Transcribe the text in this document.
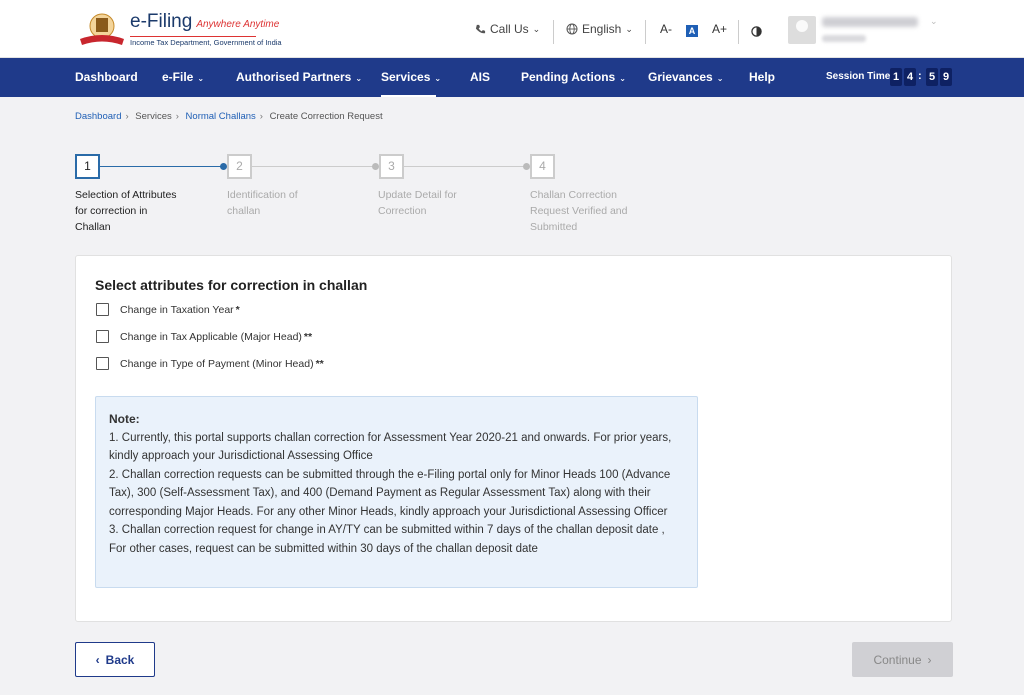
e-Filing Anywhere Anytime
Income Tax Department, Government of India
Call Us ⌄	English ⌄ A-	A A+
⌄
Dashboard e-File ⌄	Authorised Partners ⌄ Services ⌄ AIS	Pending Actions ⌄ Grievances ⌄ Help	Session Time 1 4 : 5 9
Dashboard › Services › Normal Challans › Create Correction Request
1	2	3	4
Selection of Attributes for correction in Challan
Identification of challan
Update Detail for Correction
Challan Correction Request Verified and Submitted
Select attributes for correction in challan
Change in Taxation Year *
Change in Tax Applicable (Major Head) **
Change in Type of Payment (Minor Head) **
Note:
1. Currently, this portal supports challan correction for Assessment Year 2020-21 and onwards. For prior years, kindly approach your Jurisdictional Assessing Office
2. Challan correction requests can be submitted through the e-Filing portal only for Minor Heads 100 (Advance Tax), 300 (Self-Assessment Tax), and 400 (Demand Payment as Regular Assessment Tax) along with their corresponding Major Heads. For any other Minor Heads, kindly approach your Jurisdictional Assessing Officer
3. Challan correction request for change in AY/TY can be submitted within 7 days of the challan deposit date , For other cases, request can be submitted within 30 days of the challan deposit date
‹ Back	Continue ›
